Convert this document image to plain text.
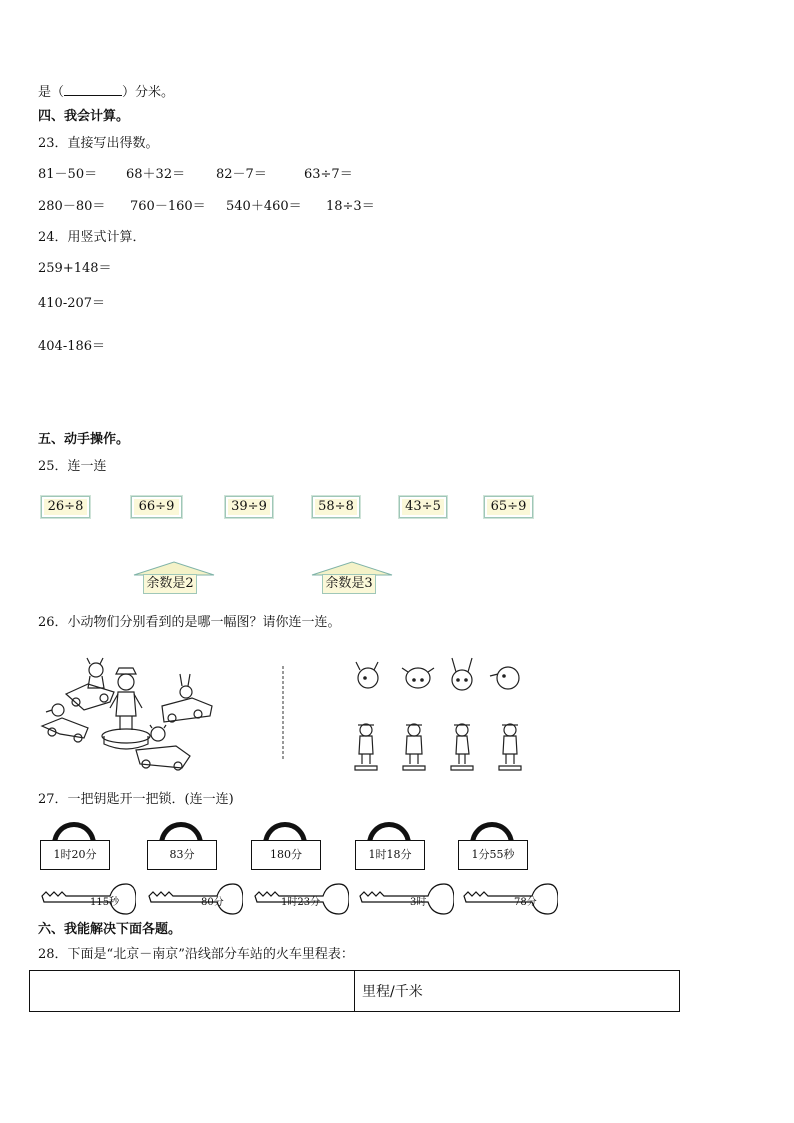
是（	）分米。
四、我会计算。
23．直接写出得数。
81－50＝ 68＋32＝ 82－7＝	63÷7＝
280－80＝ 760－160＝ 540＋460＝ 18÷3＝
24．用竖式计算．
259+148＝
410-207＝
404-186＝
五、动手操作。
25．连一连
26÷8	66÷9	39÷9	58÷8	43÷5	65÷9
余数是2	余数是3
26．小动物们分别看到的是哪一幅图？请你连一连。
27．一把钥匙开一把锁．(连一连)
1时20分	83分	180分	1时18分	1分55秒
115秒	80分	1时23分	3时	78分
六、我能解决下面各题。
28．下面是“北京－南京”沿线部分车站的火车里程表：
	里程/千米
